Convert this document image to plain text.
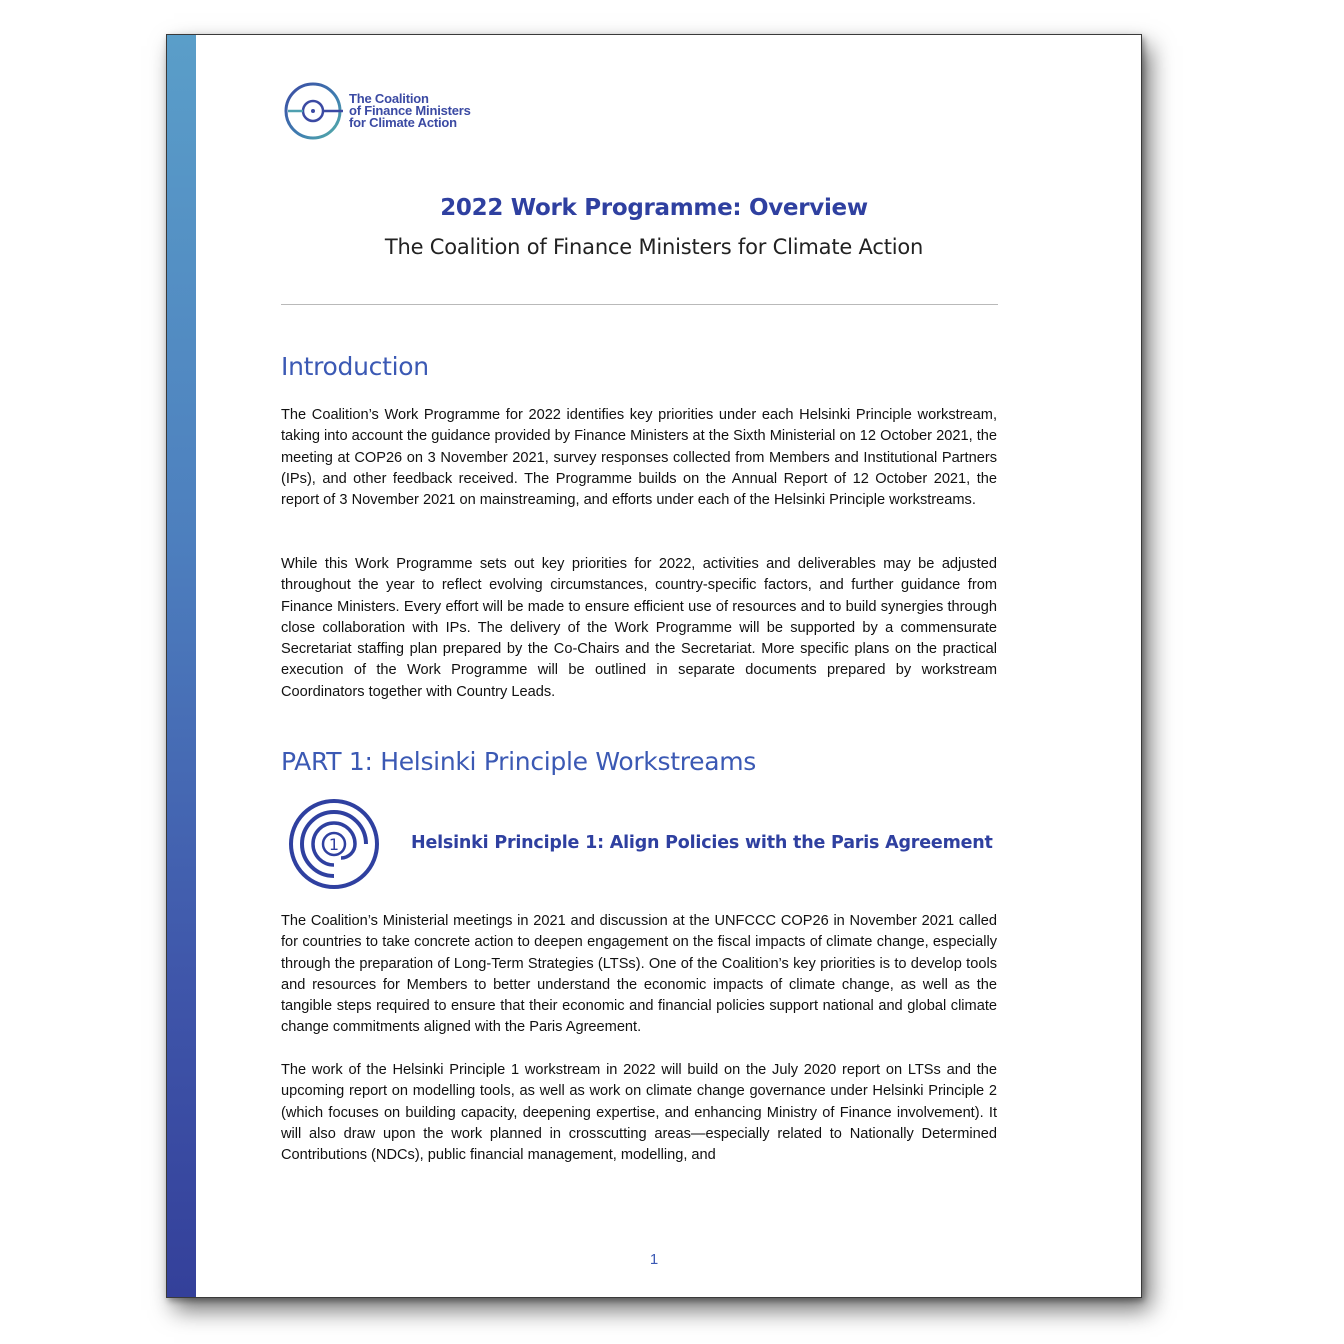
The Coalition
of Finance Ministers
for Climate Action
2022 Work Programme: Overview
The Coalition of Finance Ministers for Climate Action
Introduction
The Coalition’s Work Programme for 2022 identifies key priorities under each Helsinki Principle workstream, taking into account the guidance provided by Finance Ministers at the Sixth Ministerial on 12 October 2021, the meeting at COP26 on 3 November 2021, survey responses collected from Members and Institutional Partners (IPs), and other feedback received. The Programme builds on the Annual Report of 12 October 2021, the report of 3 November 2021 on mainstreaming, and efforts under each of the Helsinki Principle workstreams.
While this Work Programme sets out key priorities for 2022, activities and deliverables may be adjusted throughout the year to reflect evolving circumstances, country-specific factors, and further guidance from Finance Ministers. Every effort will be made to ensure efficient use of resources and to build synergies through close collaboration with IPs. The delivery of the Work Programme will be supported by a commensurate Secretariat staffing plan prepared by the Co-Chairs and the Secretariat. More specific plans on the practical execution of the Work Programme will be outlined in separate documents prepared by workstream Coordinators together with Country Leads.
PART 1: Helsinki Principle Workstreams
1	Helsinki Principle 1: Align Policies with the Paris Agreement
The Coalition’s Ministerial meetings in 2021 and discussion at the UNFCCC COP26 in November 2021 called for countries to take concrete action to deepen engagement on the fiscal impacts of climate change, especially through the preparation of Long-Term Strategies (LTSs). One of the Coalition’s key priorities is to develop tools and resources for Members to better understand the economic impacts of climate change, as well as the tangible steps required to ensure that their economic and financial policies support national and global climate change commitments aligned with the Paris Agreement.
The work of the Helsinki Principle 1 workstream in 2022 will build on the July 2020 report on LTSs and the upcoming report on modelling tools, as well as work on climate change governance under Helsinki Principle 2 (which focuses on building capacity, deepening expertise, and enhancing Ministry of Finance involvement). It will also draw upon the work planned in crosscutting areas—especially related to Nationally Determined Contributions (NDCs), public financial management, modelling, and
1
